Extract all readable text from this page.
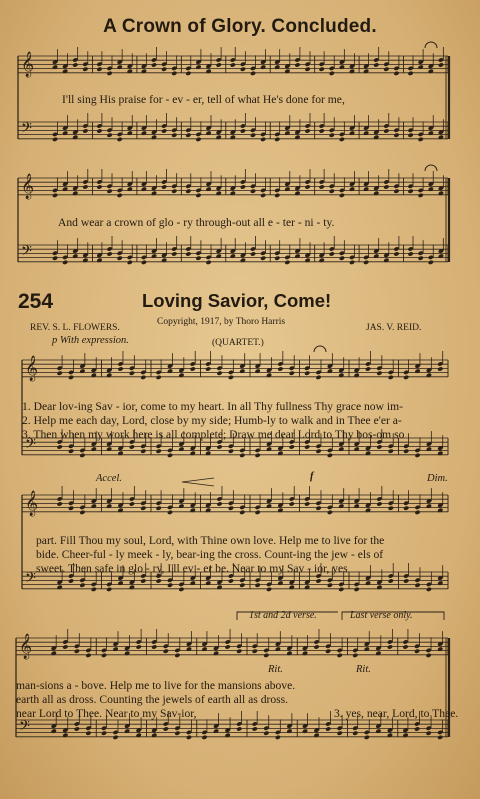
𝄞
𝄢
𝄞
𝄢
𝄞
𝄢
𝄞
𝄢
𝄞
𝄢
A Crown of Glory. Concluded.
I'll sing His praise for - ev - er, tell of what He's done for me,
And wear a crown of glo - ry through-out all e - ter - ni - ty.
254	Loving Savior, Come!
Copyright, 1917, by Thoro Harris
REV. S. L. FLOWERS.	JAS. V. REID.
p With expression.	(QUARTET.)
1. Dear lov-ing Sav - ior, come to my heart. In all Thy fullness Thy grace now im-
2. Help me each day, Lord, close by my side; Humb-ly to walk and in Thee e'er a-
3. Then when my work here is all complete; Draw me dear Lord to Thy bos-om so
Accel.	f	Dim.
part. Fill Thou my soul, Lord, with Thine own love. Help me to live for the
bide. Cheer-ful - ly meek - ly, bear-ing the cross. Count-ing the jew - els of
sweet. Then safe in glo - ry, I'll ev - er be. Near to my Sav - ior, yes
1st and 2d verse.	Last verse only.
Rit.	Rit.
man-sions a - bove. Help me to live for the mansions above.
earth all as dross. Counting the jewels of earth all as dross.
near Lord to Thee. Near to my Sav-ior,	3. yes, near, Lord, to Thee.
